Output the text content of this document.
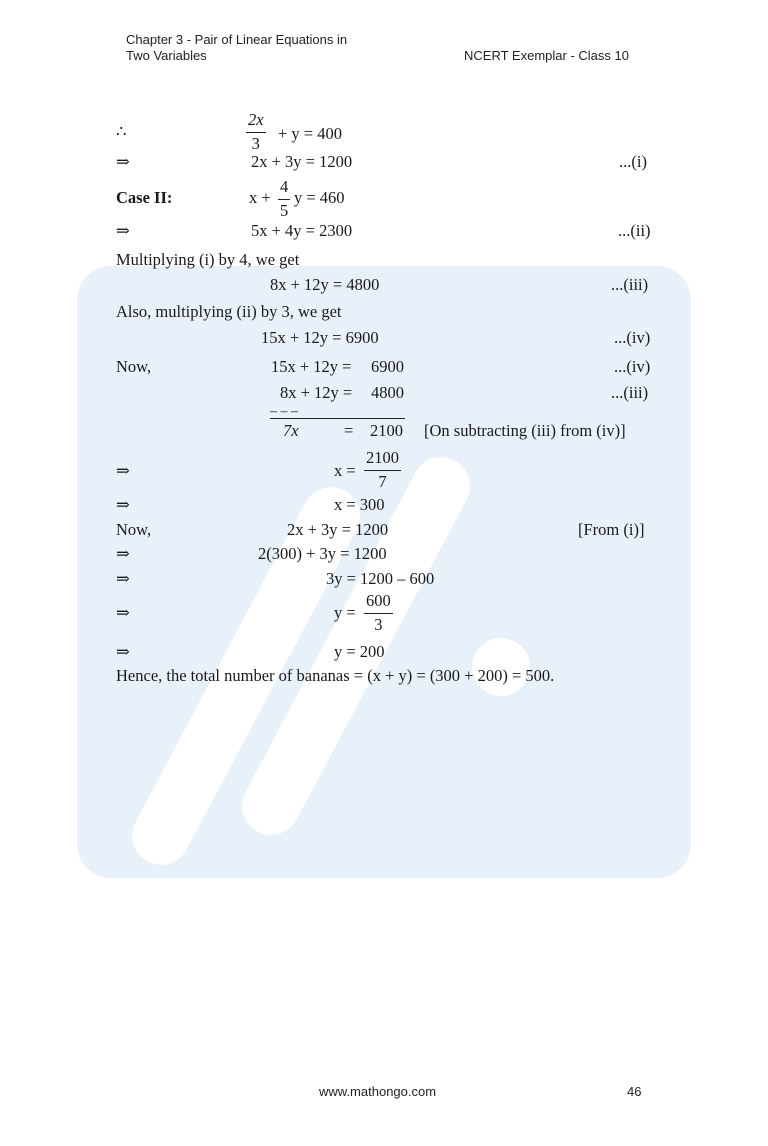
Chapter 3 - Pair of Linear Equations in
Two Variables	NCERT Exemplar - Class 10
∴	$\frac{2x}{3} + y = 400$
⇒	2x + 3y = 1200	...(i)
Case II:	$x + \frac{4}{5}$ y = 460
⇒	5x + 4y = 2300	...(ii)
Multiplying (i) by 4, we get
8x + 12y = 4800	...(iii)
Also, multiplying (ii) by 3, we get
15x + 12y = 6900	...(iv)
Now,	15x + 12y = 6900	...(iv)
8x + 12y = 4800	...(iii)
– – –
7x	= 2100 [On subtracting (iii) from (iv)]
⇒	$x = \frac{2100}{7}$
⇒	x = 300
Now,	2x + 3y = 1200	[From (i)]
⇒	2(300) + 3y = 1200
⇒	3y = 1200 – 600
⇒	$y = \frac{600}{3}$
⇒	y = 200
Hence, the total number of bananas = (x + y) = (300 + 200) = 500.
www.mathongo.com	46
